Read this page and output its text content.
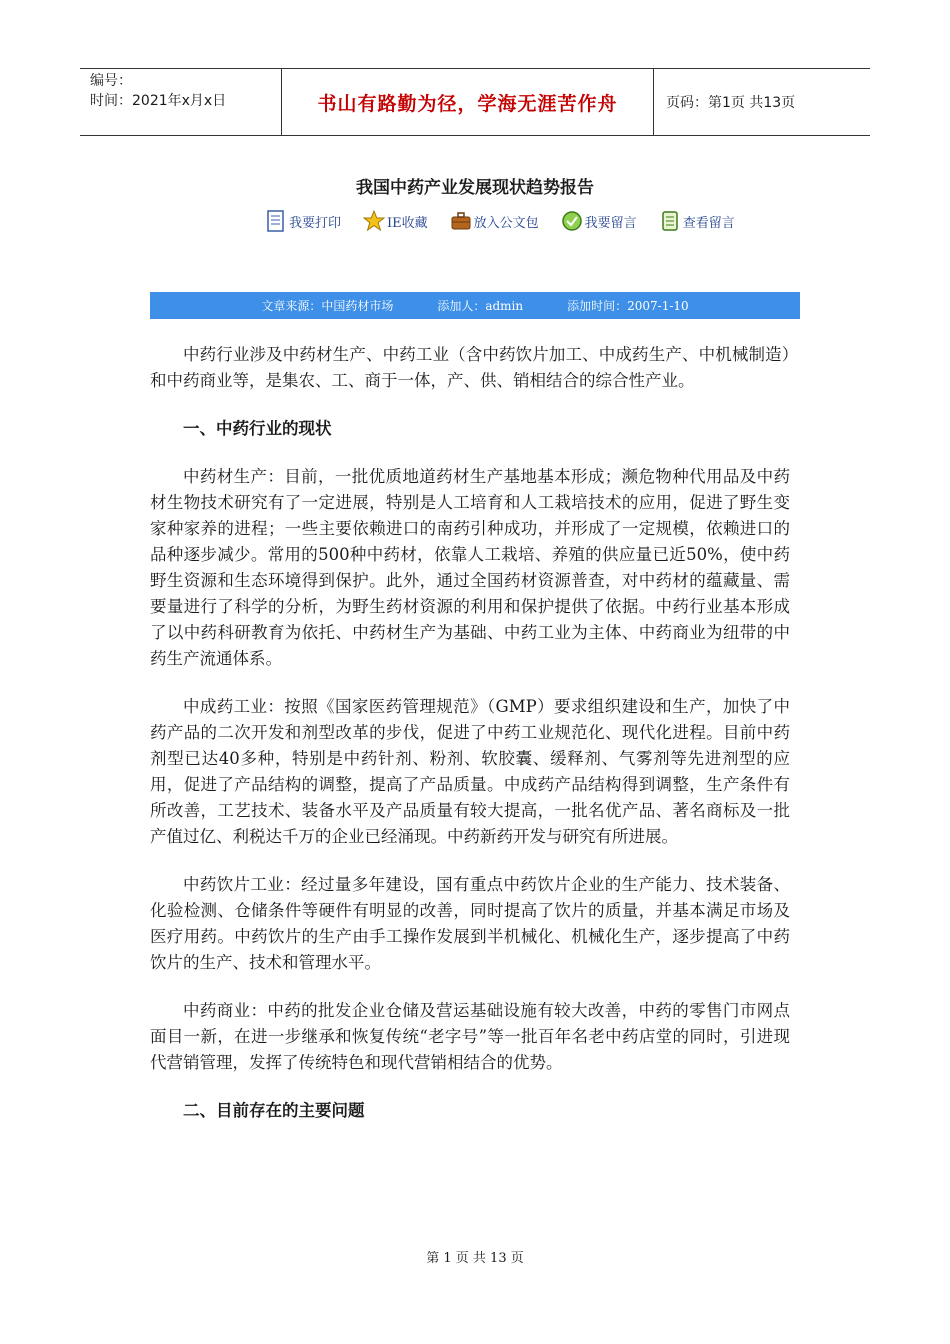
编号：
时间：2021年x月x日	书山有路勤为径，学海无涯苦作舟	页码：第1页 共13页
我国中药产业发展现状趋势报告
我要打印	IE收藏	放入公文包	我要留言	查看留言
文章来源：中国药材市场	添加人：admin	添加时间：2007-1-10

中药行业涉及中药材生产、中药工业（含中药饮片加工、中成药生产、中机械制造）和中药商业等，是集农、工、商于一体，产、供、销相结合的综合性产业。

一、中药行业的现状

中药材生产：目前，一批优质地道药材生产基地基本形成；濒危物种代用品及中药材生物技术研究有了一定进展，特别是人工培育和人工栽培技术的应用，促进了野生变家种家养的进程；一些主要依赖进口的南药引种成功，并形成了一定规模，依赖进口的品种逐步减少。常用的500种中药材，依靠人工栽培、养殖的供应量已近50%，使中药野生资源和生态环境得到保护。此外，通过全国药材资源普查，对中药材的蕴藏量、需要量进行了科学的分析，为野生药材资源的利用和保护提供了依据。中药行业基本形成了以中药科研教育为依托、中药材生产为基础、中药工业为主体、中药商业为纽带的中药生产流通体系。

中成药工业：按照《国家医药管理规范》（GMP）要求组织建设和生产，加快了中药产品的二次开发和剂型改革的步伐，促进了中药工业规范化、现代化进程。目前中药剂型已达40多种，特别是中药针剂、粉剂、软胶囊、缓释剂、气雾剂等先进剂型的应用，促进了产品结构的调整，提高了产品质量。中成药产品结构得到调整，生产条件有所改善，工艺技术、装备水平及产品质量有较大提高，一批名优产品、著名商标及一批产值过亿、利税达千万的企业已经涌现。中药新药开发与研究有所进展。

中药饮片工业：经过量多年建设，国有重点中药饮片企业的生产能力、技术装备、化验检测、仓储条件等硬件有明显的改善，同时提高了饮片的质量，并基本满足市场及医疗用药。中药饮片的生产由手工操作发展到半机械化、机械化生产，逐步提高了中药饮片的生产、技术和管理水平。

中药商业：中药的批发企业仓储及营运基础设施有较大改善，中药的零售门市网点面目一新，在进一步继承和恢复传统“老字号”等一批百年名老中药店堂的同时，引进现代营销管理，发挥了传统特色和现代营销相结合的优势。

二、目前存在的主要问题
第 1 页 共 13 页
